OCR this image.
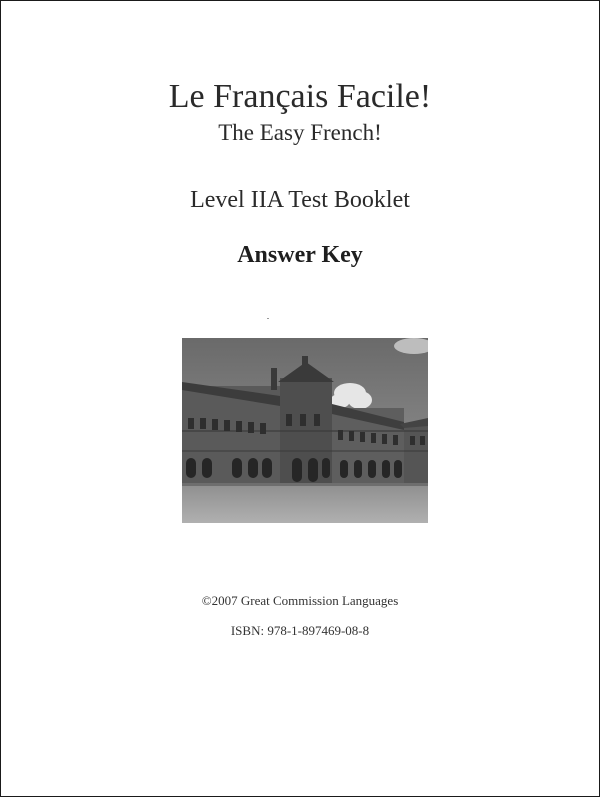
Le Français Facile!
The Easy French!
Level IIA Test Booklet
Answer Key
©2007 Great Commission Languages
ISBN: 978-1-897469-08-8
